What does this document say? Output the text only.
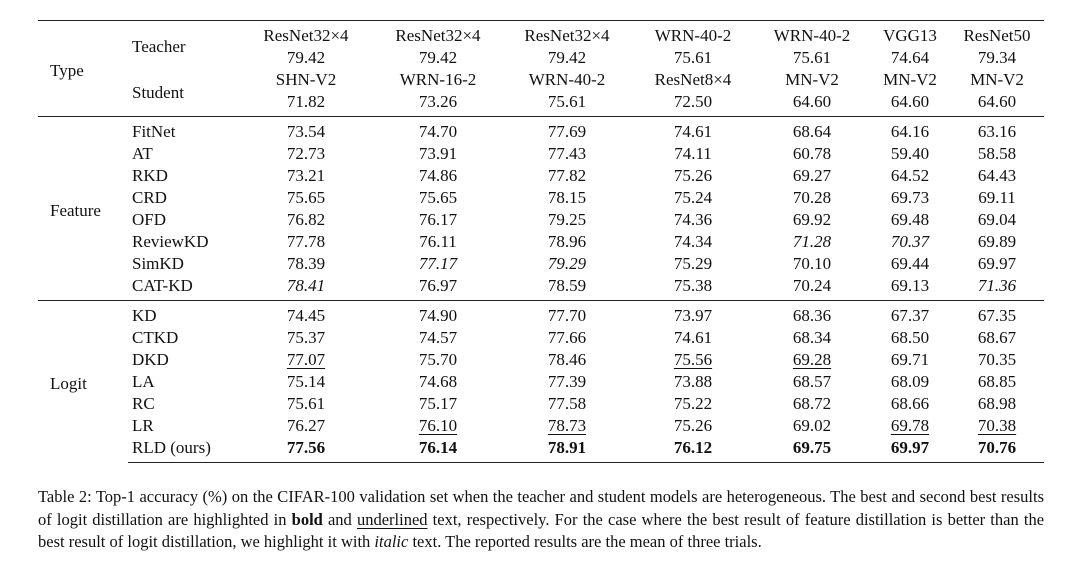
Type	Teacher	ResNet32×4	ResNet32×4	ResNet32×4	WRN-40-2	WRN-40-2	VGG13	ResNet50
		79.42	79.42	79.42	75.61	75.61	74.64	79.34
	Student	SHN-V2	WRN-16-2	WRN-40-2	ResNet8×4	MN-V2	MN-V2	MN-V2
		71.82	73.26	75.61	72.50	64.60	64.60	64.60
Feature	FitNet	73.54	74.70	77.69	74.61	68.64	64.16	63.16
	AT	72.73	73.91	77.43	74.11	60.78	59.40	58.58
	RKD	73.21	74.86	77.82	75.26	69.27	64.52	64.43
	CRD	75.65	75.65	78.15	75.24	70.28	69.73	69.11
	OFD	76.82	76.17	79.25	74.36	69.92	69.48	69.04
	ReviewKD	77.78	76.11	78.96	74.34	71.28	70.37	69.89
	SimKD	78.39	77.17	79.29	75.29	70.10	69.44	69.97
	CAT-KD	78.41	76.97	78.59	75.38	70.24	69.13	71.36
Logit	KD	74.45	74.90	77.70	73.97	68.36	67.37	67.35
	CTKD	75.37	74.57	77.66	74.61	68.34	68.50	68.67
	DKD	77.07	75.70	78.46	75.56	69.28	69.71	70.35
	LA	75.14	74.68	77.39	73.88	68.57	68.09	68.85
	RC	75.61	75.17	77.58	75.22	68.72	68.66	68.98
	LR	76.27	76.10	78.73	75.26	69.02	69.78	70.38
	RLD (ours)	77.56	76.14	78.91	76.12	69.75	69.97	70.76
Table 2: Top-1 accuracy (%) on the CIFAR-100 validation set when the teacher and student models are heterogeneous. The best and second best results of logit distillation are highlighted in bold and underlined text, respectively. For the case where the best result of feature distillation is better than the best result of logit distillation, we highlight it with italic text. The reported results are the mean of three trials.
